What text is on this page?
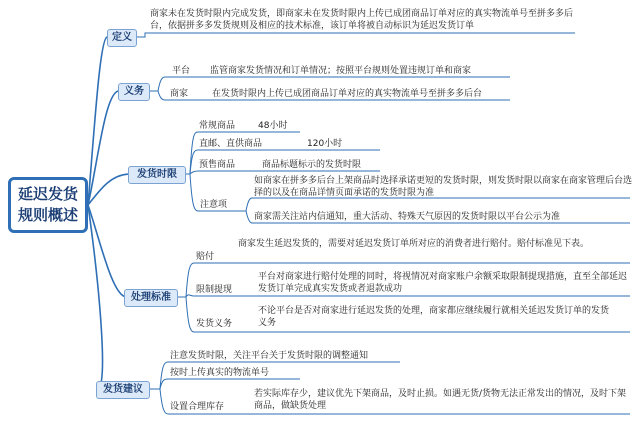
延迟发货
规则概述
定义
商家未在发货时限内完成发货，即商家未在发货时限内上传已成团商品订单对应的真实物流单号至拼多多后台，依据拼多多发货规则及相应的技术标准，该订单将被自动标识为延迟发货订单
义务
平台 监管商家发货情况和订单情况；按照平台规则处置违规订单和商家
商家	在发货时限内上传已成团商品订单对应的真实物流单号至拼多多后台
发货时限
常规商品	48小时
直邮、直供商品	120小时
预售商品	商品标题标示的发货时限
注意项
如商家在拼多多后台上架商品时选择承诺更短的发货时限，则发货时限以商家在商家管理后台选择的以及在商品详情页面承诺的发货时限为准
商家需关注站内信通知，重大活动、特殊天气原因的发货时限以平台公示为准
处理标准
赔付
商家发生延迟发货的，需要对延迟发货订单所对应的消费者进行赔付。赔付标准见下表。
限制提现
平台对商家进行赔付处理的同时，将视情况对商家账户余额采取限制提现措施，直至全部延迟发货订单完成真实发货或者退款成功
发货义务
不论平台是否对商家进行延迟发货的处理，商家都应继续履行就相关延迟发货订单的发货义务
发货建议
注意发货时限，关注平台关于发货时限的调整通知
按时上传真实的物流单号
设置合理库存
若实际库存少，建议优先下架商品，及时止损。如遇无货/货物无法正常发出的情况，及时下架商品，做缺货处理
